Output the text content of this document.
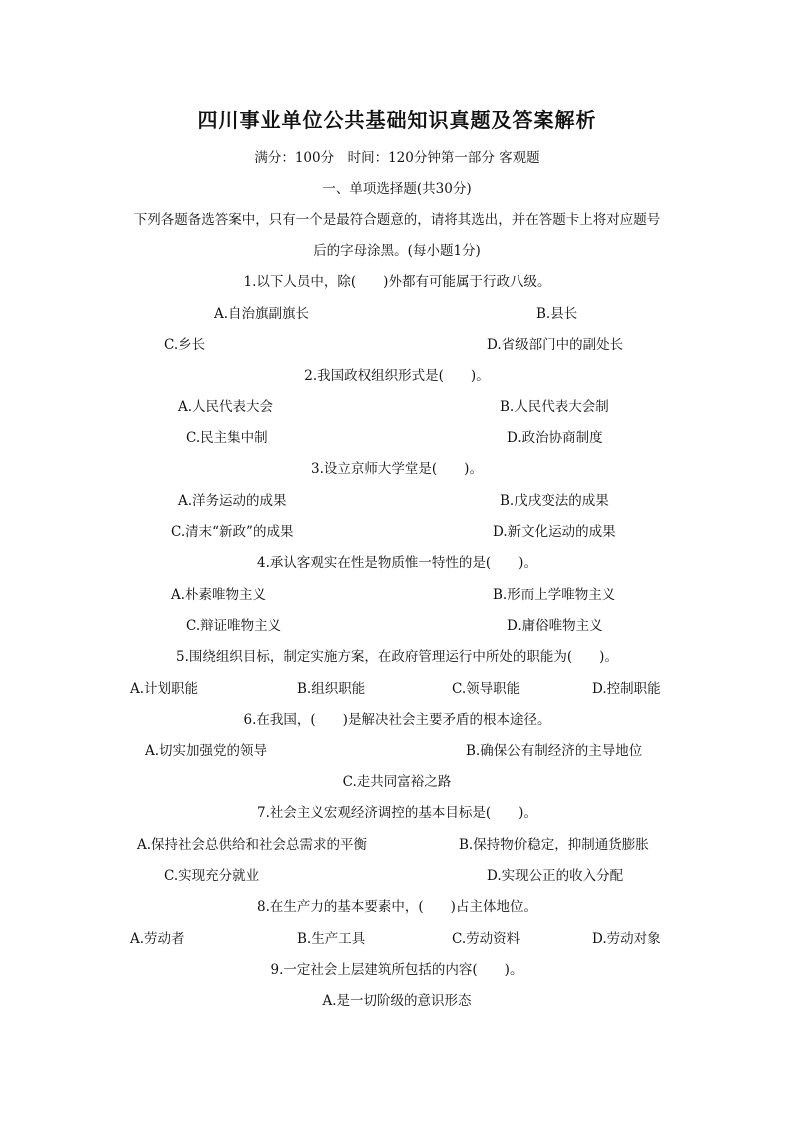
四川事业单位公共基础知识真题及答案解析
满分：100分　时间：120分钟第一部分 客观题
一、单项选择题(共30分)
下列各题备选答案中，只有一个是最符合题意的，请将其选出，并在答题卡上将对应题号
后的字母涂黑。(每小题1分)
1.以下人员中，除(　　)外都有可能属于行政八级。
A.自治旗副旗长	B.县长
C.乡长	D.省级部门中的副处长
2.我国政权组织形式是(　　)。
A.人民代表大会	B.人民代表大会制
C.民主集中制	D.政治协商制度
3.设立京师大学堂是(　　)。
A.洋务运动的成果	B.戊戌变法的成果
C.清末“新政”的成果	D.新文化运动的成果
4.承认客观实在性是物质惟一特性的是(　　)。
A.朴素唯物主义	B.形而上学唯物主义
C.辩证唯物主义	D.庸俗唯物主义
5.围绕组织目标，制定实施方案，在政府管理运行中所处的职能为(　　)。
A.计划职能	B.组织职能	C.领导职能	D.控制职能
6.在我国，(　　)是解决社会主要矛盾的根本途径。
A.切实加强党的领导	B.确保公有制经济的主导地位
C.走共同富裕之路
7.社会主义宏观经济调控的基本目标是(　　)。
A.保持社会总供给和社会总需求的平衡	B.保持物价稳定，抑制通货膨胀
C.实现充分就业	D.实现公正的收入分配
8.在生产力的基本要素中，(　　)占主体地位。
A.劳动者	B.生产工具	C.劳动资料	D.劳动对象
9.一定社会上层建筑所包括的内容(　　)。
A.是一切阶级的意识形态
